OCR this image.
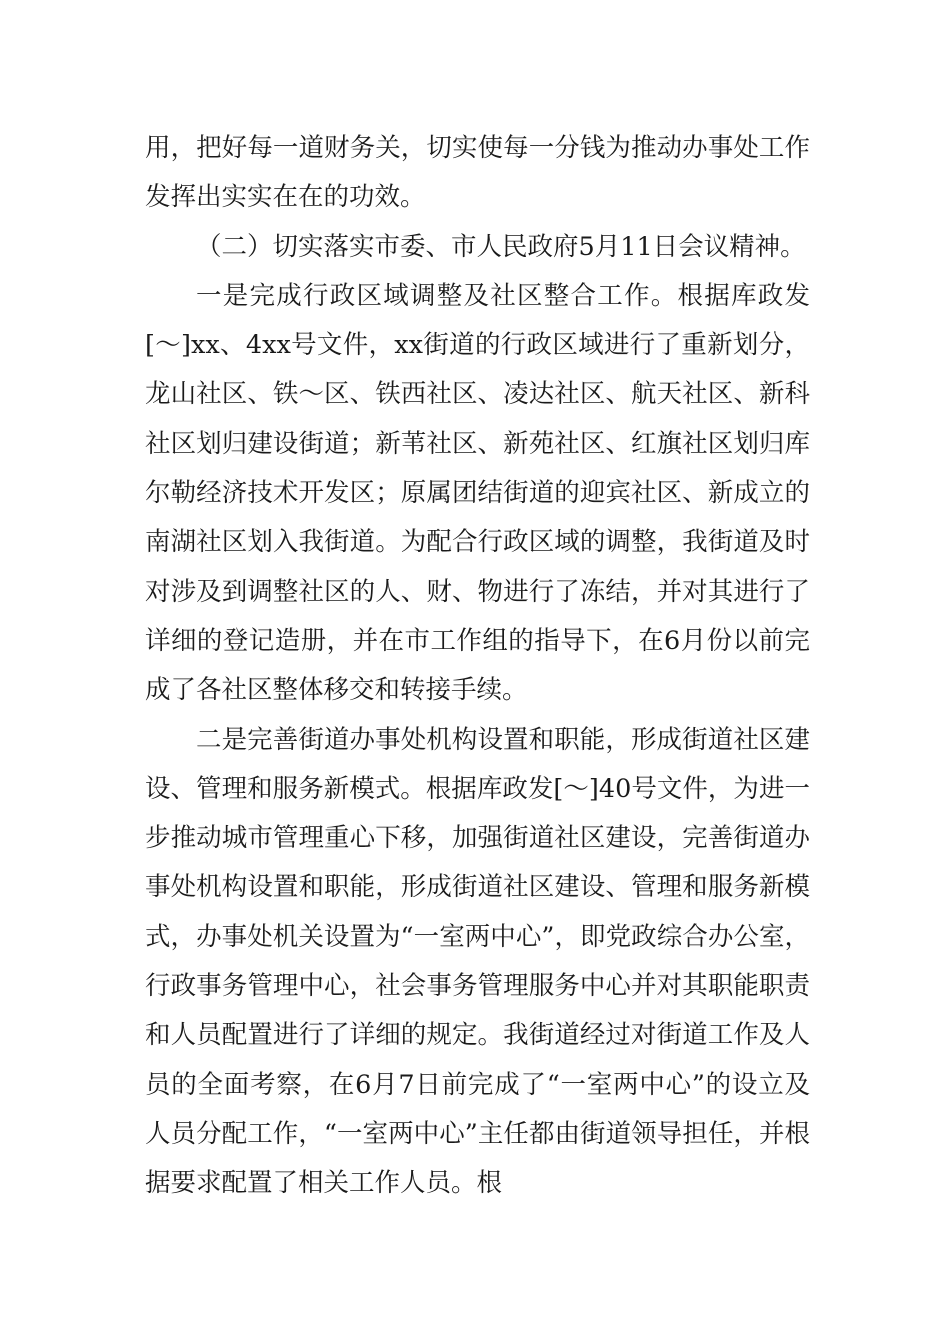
用，把好每一道财务关，切实使每一分钱为推动办事处工作发挥出实实在在的功效。

（二）切实落实市委、市人民政府5月11日会议精神。

一是完成行政区域调整及社区整合工作。根据库政发[～]xx、4xx号文件，xx街道的行政区域进行了重新划分，龙山社区、铁～区、铁西社区、凌达社区、航天社区、新科社区划归建设街道；新苇社区、新苑社区、红旗社区划归库尔勒经济技术开发区；原属团结街道的迎宾社区、新成立的南湖社区划入我街道。为配合行政区域的调整，我街道及时对涉及到调整社区的人、财、物进行了冻结，并对其进行了详细的登记造册，并在市工作组的指导下，在6月份以前完成了各社区整体移交和转接手续。

二是完善街道办事处机构设置和职能，形成街道社区建设、管理和服务新模式。根据库政发[～]40号文件，为进一步推动城市管理重心下移，加强街道社区建设，完善街道办事处机构设置和职能，形成街道社区建设、管理和服务新模式，办事处机关设置为“一室两中心”，即党政综合办公室，行政事务管理中心，社会事务管理服务中心并对其职能职责和人员配置进行了详细的规定。我街道经过对街道工作及人员的全面考察，在6月7日前完成了“一室两中心”的设立及人员分配工作，“一室两中心”主任都由街道领导担任，并根据要求配置了相关工作人员。根
